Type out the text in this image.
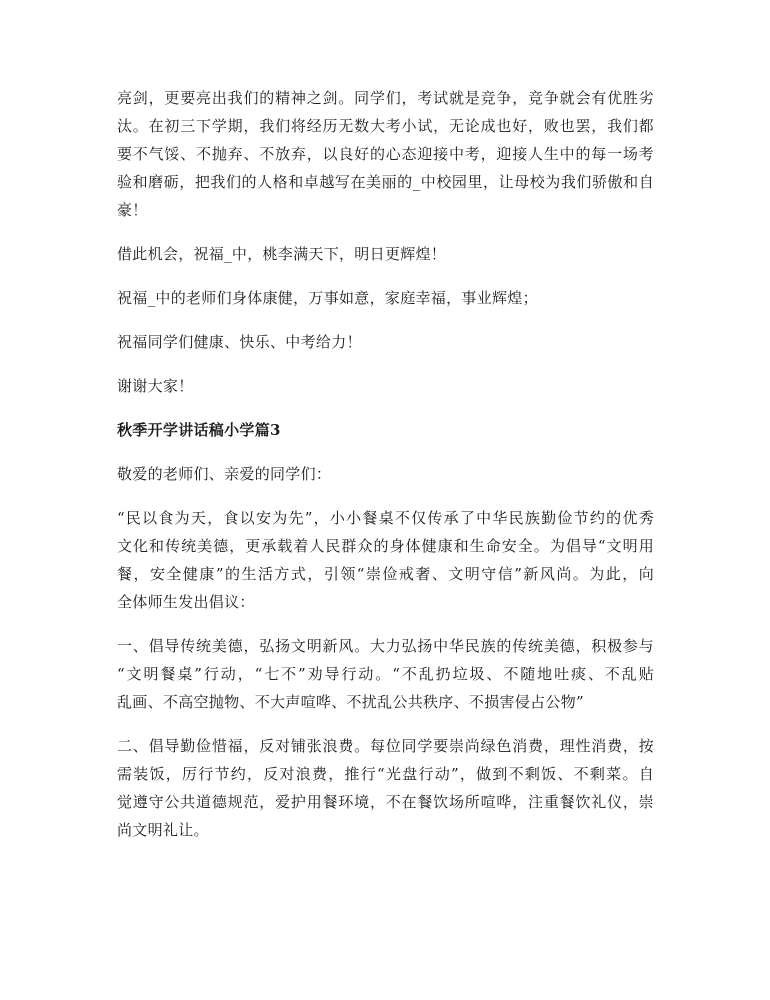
亮剑，更要亮出我们的精神之剑。同学们，考试就是竞争，竞争就会有优胜劣
汰。在初三下学期，我们将经历无数大考小试，无论成也好，败也罢，我们都
要不气馁、不抛弃、不放弃，以良好的心态迎接中考，迎接人生中的每一场考
验和磨砺，把我们的人格和卓越写在美丽的_中校园里，让母校为我们骄傲和自
豪！

借此机会，祝福_中，桃李满天下，明日更辉煌！

祝福_中的老师们身体康健，万事如意，家庭幸福，事业辉煌；

祝福同学们健康、快乐、中考给力！

谢谢大家！

秋季开学讲话稿小学篇3

敬爱的老师们、亲爱的同学们：

“民以食为天，食以安为先”，小小餐桌不仅传承了中华民族勤俭节约的优秀
文化和传统美德，更承载着人民群众的身体健康和生命安全。为倡导“文明用
餐，安全健康”的生活方式，引领“崇俭戒奢、文明守信”新风尚。为此，向
全体师生发出倡议：

一、倡导传统美德，弘扬文明新风。大力弘扬中华民族的传统美德，积极参与
“文明餐桌”行动，“七不”劝导行动。“不乱扔垃圾、不随地吐痰、不乱贴
乱画、不高空抛物、不大声喧哗、不扰乱公共秩序、不损害侵占公物”

二、倡导勤俭惜福，反对铺张浪费。每位同学要崇尚绿色消费，理性消费，按
需装饭，厉行节约，反对浪费，推行“光盘行动”，做到不剩饭、不剩菜。自
觉遵守公共道德规范，爱护用餐环境，不在餐饮场所喧哗，注重餐饮礼仪，崇
尚文明礼让。
